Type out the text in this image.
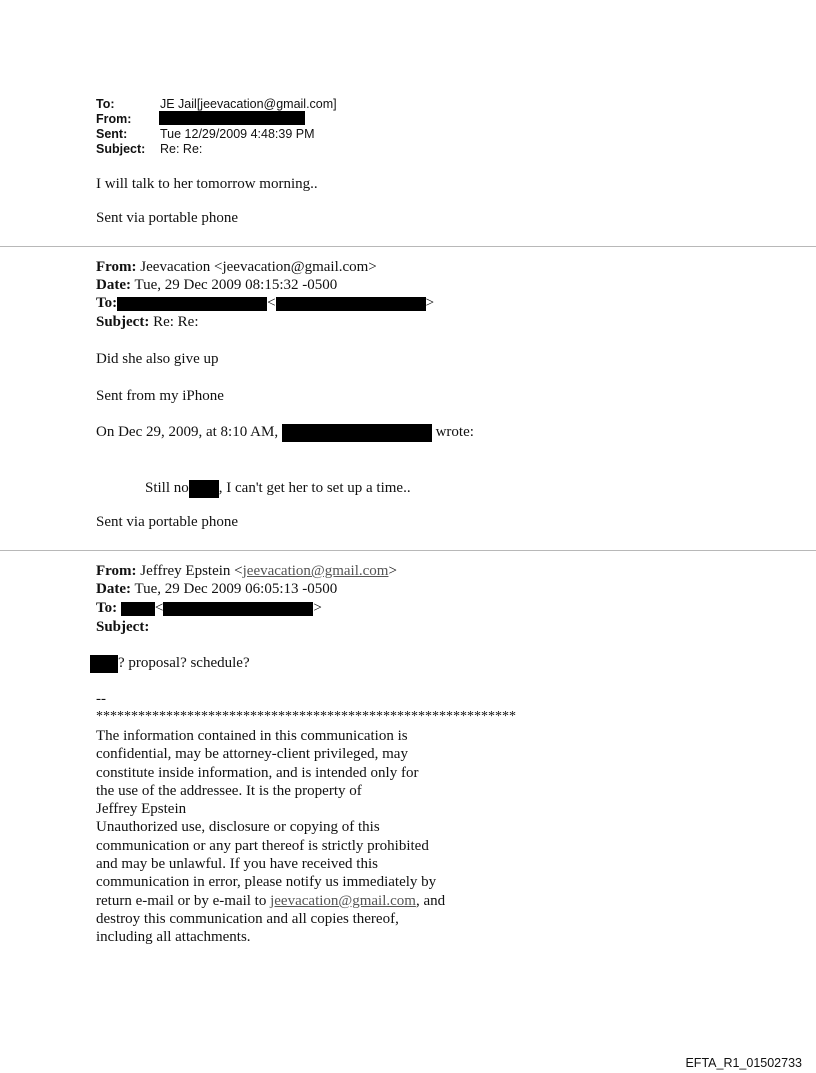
To:	JE Jail[jeevacation@gmail.com]
From:
Sent:	Tue 12/29/2009 4:48:39 PM
Subject: Re: Re:
I will talk to her tomorrow morning..
Sent via portable phone
From: Jeevacation <jeevacation@gmail.com>
Date: Tue, 29 Dec 2009 08:15:32 -0500
To:	<	>
Subject: Re: Re:
Did she also give up
Sent from my iPhone
On Dec 29, 2009, at 8:10 AM,	wrote:
Still no , I can't get her to set up a time..
Sent via portable phone
From: Jeffrey Epstein <jeevacation@gmail.com>
Date: Tue, 29 Dec 2009 06:05:13 -0500
To:	<	>
Subject:
? proposal? schedule?
--
************************************************************
The information contained in this communication is
confidential, may be attorney-client privileged, may
constitute inside information, and is intended only for
the use of the addressee. It is the property of
Jeffrey Epstein
Unauthorized use, disclosure or copying of this
communication or any part thereof is strictly prohibited
and may be unlawful. If you have received this
communication in error, please notify us immediately by
return e-mail or by e-mail to jeevacation@gmail.com, and
destroy this communication and all copies thereof,
including all attachments.
EFTA_R1_01502733
